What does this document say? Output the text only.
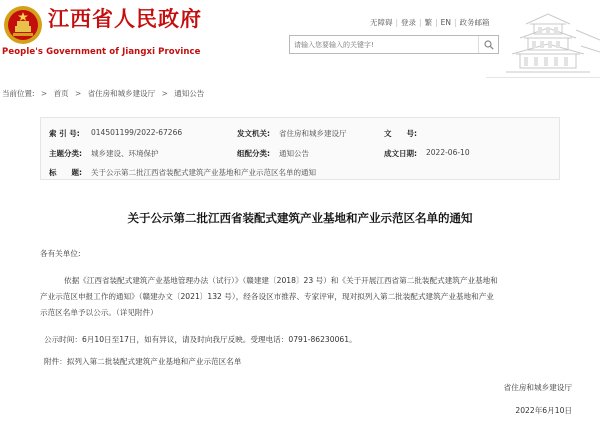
江西省人民政府
People's Government of Jiangxi Province
无障碍 | 登录 | 繁 | EN | 政务邮箱
请输入您要输入的关键字!
当前位置: > 首页 > 省住房和城乡建设厅 > 通知公告
索 引 号: 014501199/2022-67266	发文机关: 省住房和城乡建设厅	文　　号:
主题分类: 城乡建设、环境保护	组配分类: 通知公告	成文日期: 2022-06-10
标　　题: 关于公示第二批江西省装配式建筑产业基地和产业示范区名单的通知
关于公示第二批江西省装配式建筑产业基地和产业示范区名单的通知

各有关单位:

依据《江西省装配式建筑产业基地管理办法（试行）》（赣建建〔2018〕23 号）和《关于开展江西省第二批装配式建筑产业基地和

产业示范区申报工作的通知》（赣建办文〔2021〕132 号），经各设区市推荐、专家评审，现对拟列入第二批装配式建筑产业基地和产业

示范区名单予以公示。（详见附件）

公示时间：6月10日至17日，如有异议，请及时向我厅反映。受理电话：0791-86230061。

附件：拟列入第二批装配式建筑产业基地和产业示范区名单

省住房和城乡建设厅
2022年6月10日
